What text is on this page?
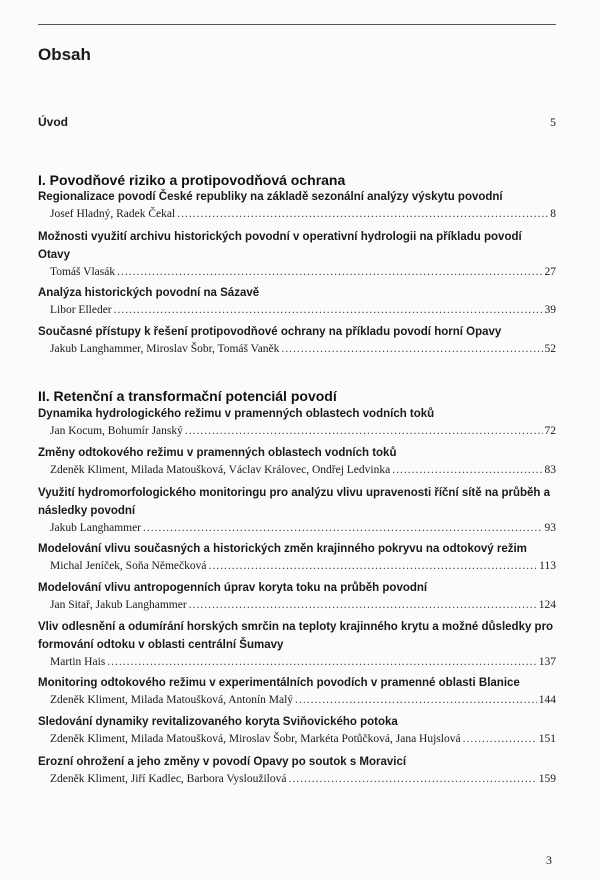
Obsah
Úvod	5
I. Povodňové riziko a protipovodňová ochrana
Regionalizace povodí České republiky na základě sezonální analýzy výskytu povodní
Josef Hladný, Radek Čekal .....	8
Možnosti využití archivu historických povodní v operativní hydrologii na příkladu povodí Otavy
Tomáš Vlasák .....	27
Analýza historických povodní na Sázavě
Libor Elleder .....	39
Současné přístupy k řešení protipovodňové ochrany na příkladu povodí horní Opavy
Jakub Langhammer, Miroslav Šobr, Tomáš Vaněk .....	52
II. Retenční a transformační potenciál povodí
Dynamika hydrologického režimu v pramenných oblastech vodních toků
Jan Kocum, Bohumír Janský .....	72
Změny odtokového režimu v pramenných oblastech vodních toků
Zdeněk Kliment, Milada Matoušková, Václav Královec, Ondřej Ledvinka .....	83
Využití hydromorfologického monitoringu pro analýzu vlivu upravenosti říční sítě na průběh a následky povodní
Jakub Langhammer .....	93
Modelování vlivu současných a historických změn krajinného pokryvu na odtokový režim
Michal Jeníček, Soňa Němečková .....	113
Modelování vlivu antropogenních úprav koryta toku na průběh povodní
Jan Sitař, Jakub Langhammer .....	124
Vliv odlesnění a odumírání horských smrčin na teploty krajinného krytu a možné důsledky pro formování odtoku v oblasti centrální Šumavy
Martin Hais .....	137
Monitoring odtokového režimu v experimentálních povodích v pramenné oblasti Blanice
Zdeněk Kliment, Milada Matoušková, Antonín Malý .....	144
Sledování dynamiky revitalizovaného koryta Sviňovického potoka
Zdeněk Kliment, Milada Matoušková, Miroslav Šobr, Markéta Potůčková, Jana Hujslová .....	151
Erozní ohrožení a jeho změny v povodí Opavy po soutok s Moravicí
Zdeněk Kliment, Jiří Kadlec, Barbora Vysloužilová .....	159
3
